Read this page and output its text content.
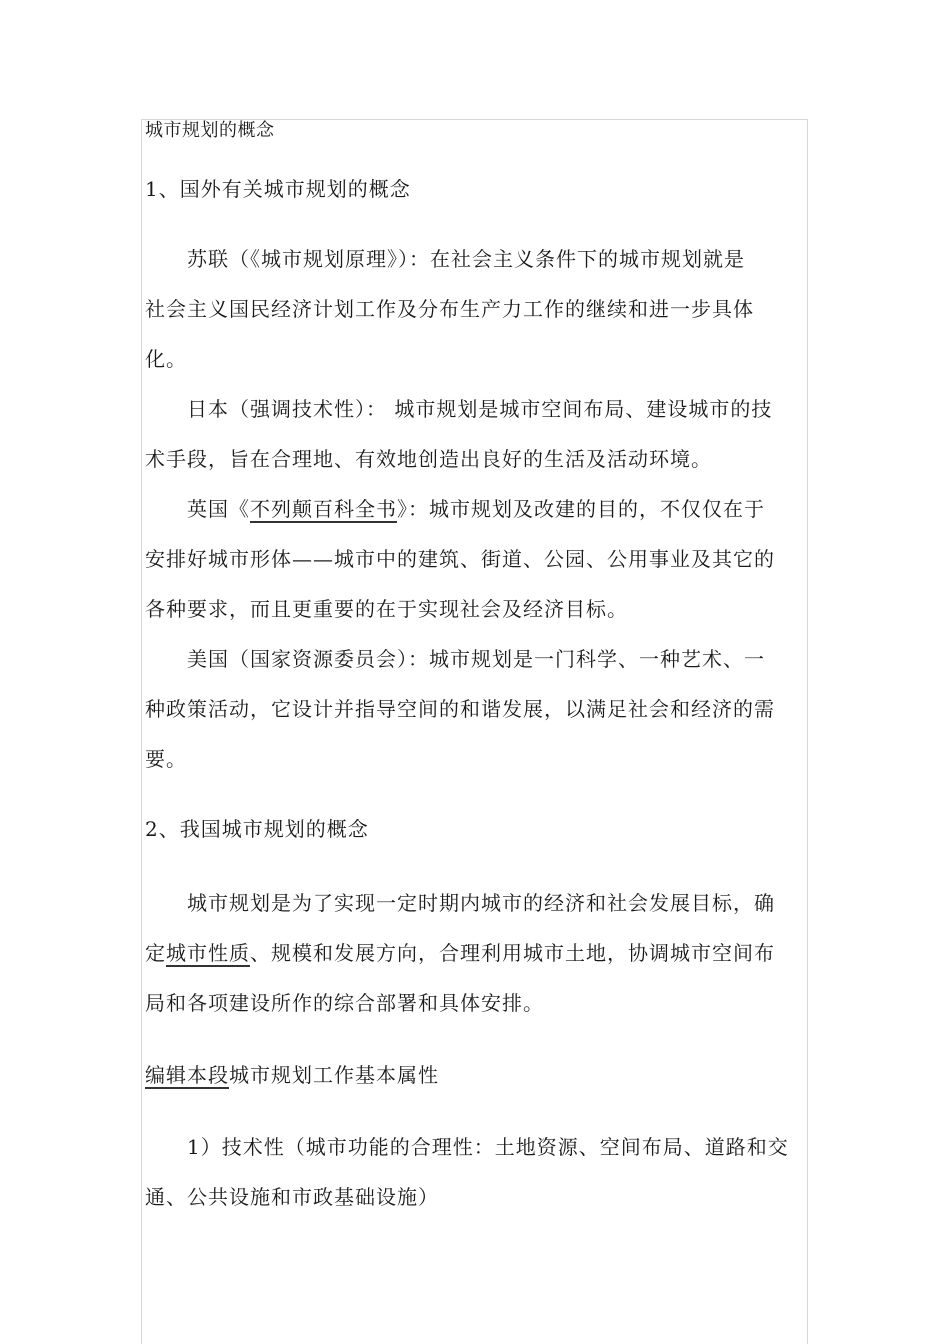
城市规划的概念
1、国外有关城市规划的概念
苏联（《城市规划原理》）：在社会主义条件下的城市规划就是
社会主义国民经济计划工作及分布生产力工作的继续和进一步具体
化。
日本（强调技术性）： 城市规划是城市空间布局、建设城市的技
术手段，旨在合理地、有效地创造出良好的生活及活动环境。
英国《不列颠百科全书》：城市规划及改建的目的，不仅仅在于
安排好城市形体——城市中的建筑、街道、公园、公用事业及其它的
各种要求，而且更重要的在于实现社会及经济目标。
美国（国家资源委员会）：城市规划是一门科学、一种艺术、一
种政策活动，它设计并指导空间的和谐发展，以满足社会和经济的需
要。
2、我国城市规划的概念
城市规划是为了实现一定时期内城市的经济和社会发展目标，确
定城市性质、规模和发展方向，合理利用城市土地，协调城市空间布
局和各项建设所作的综合部署和具体安排。
编辑本段城市规划工作基本属性
1）技术性（城市功能的合理性：土地资源、空间布局、道路和交
通、公共设施和市政基础设施）
